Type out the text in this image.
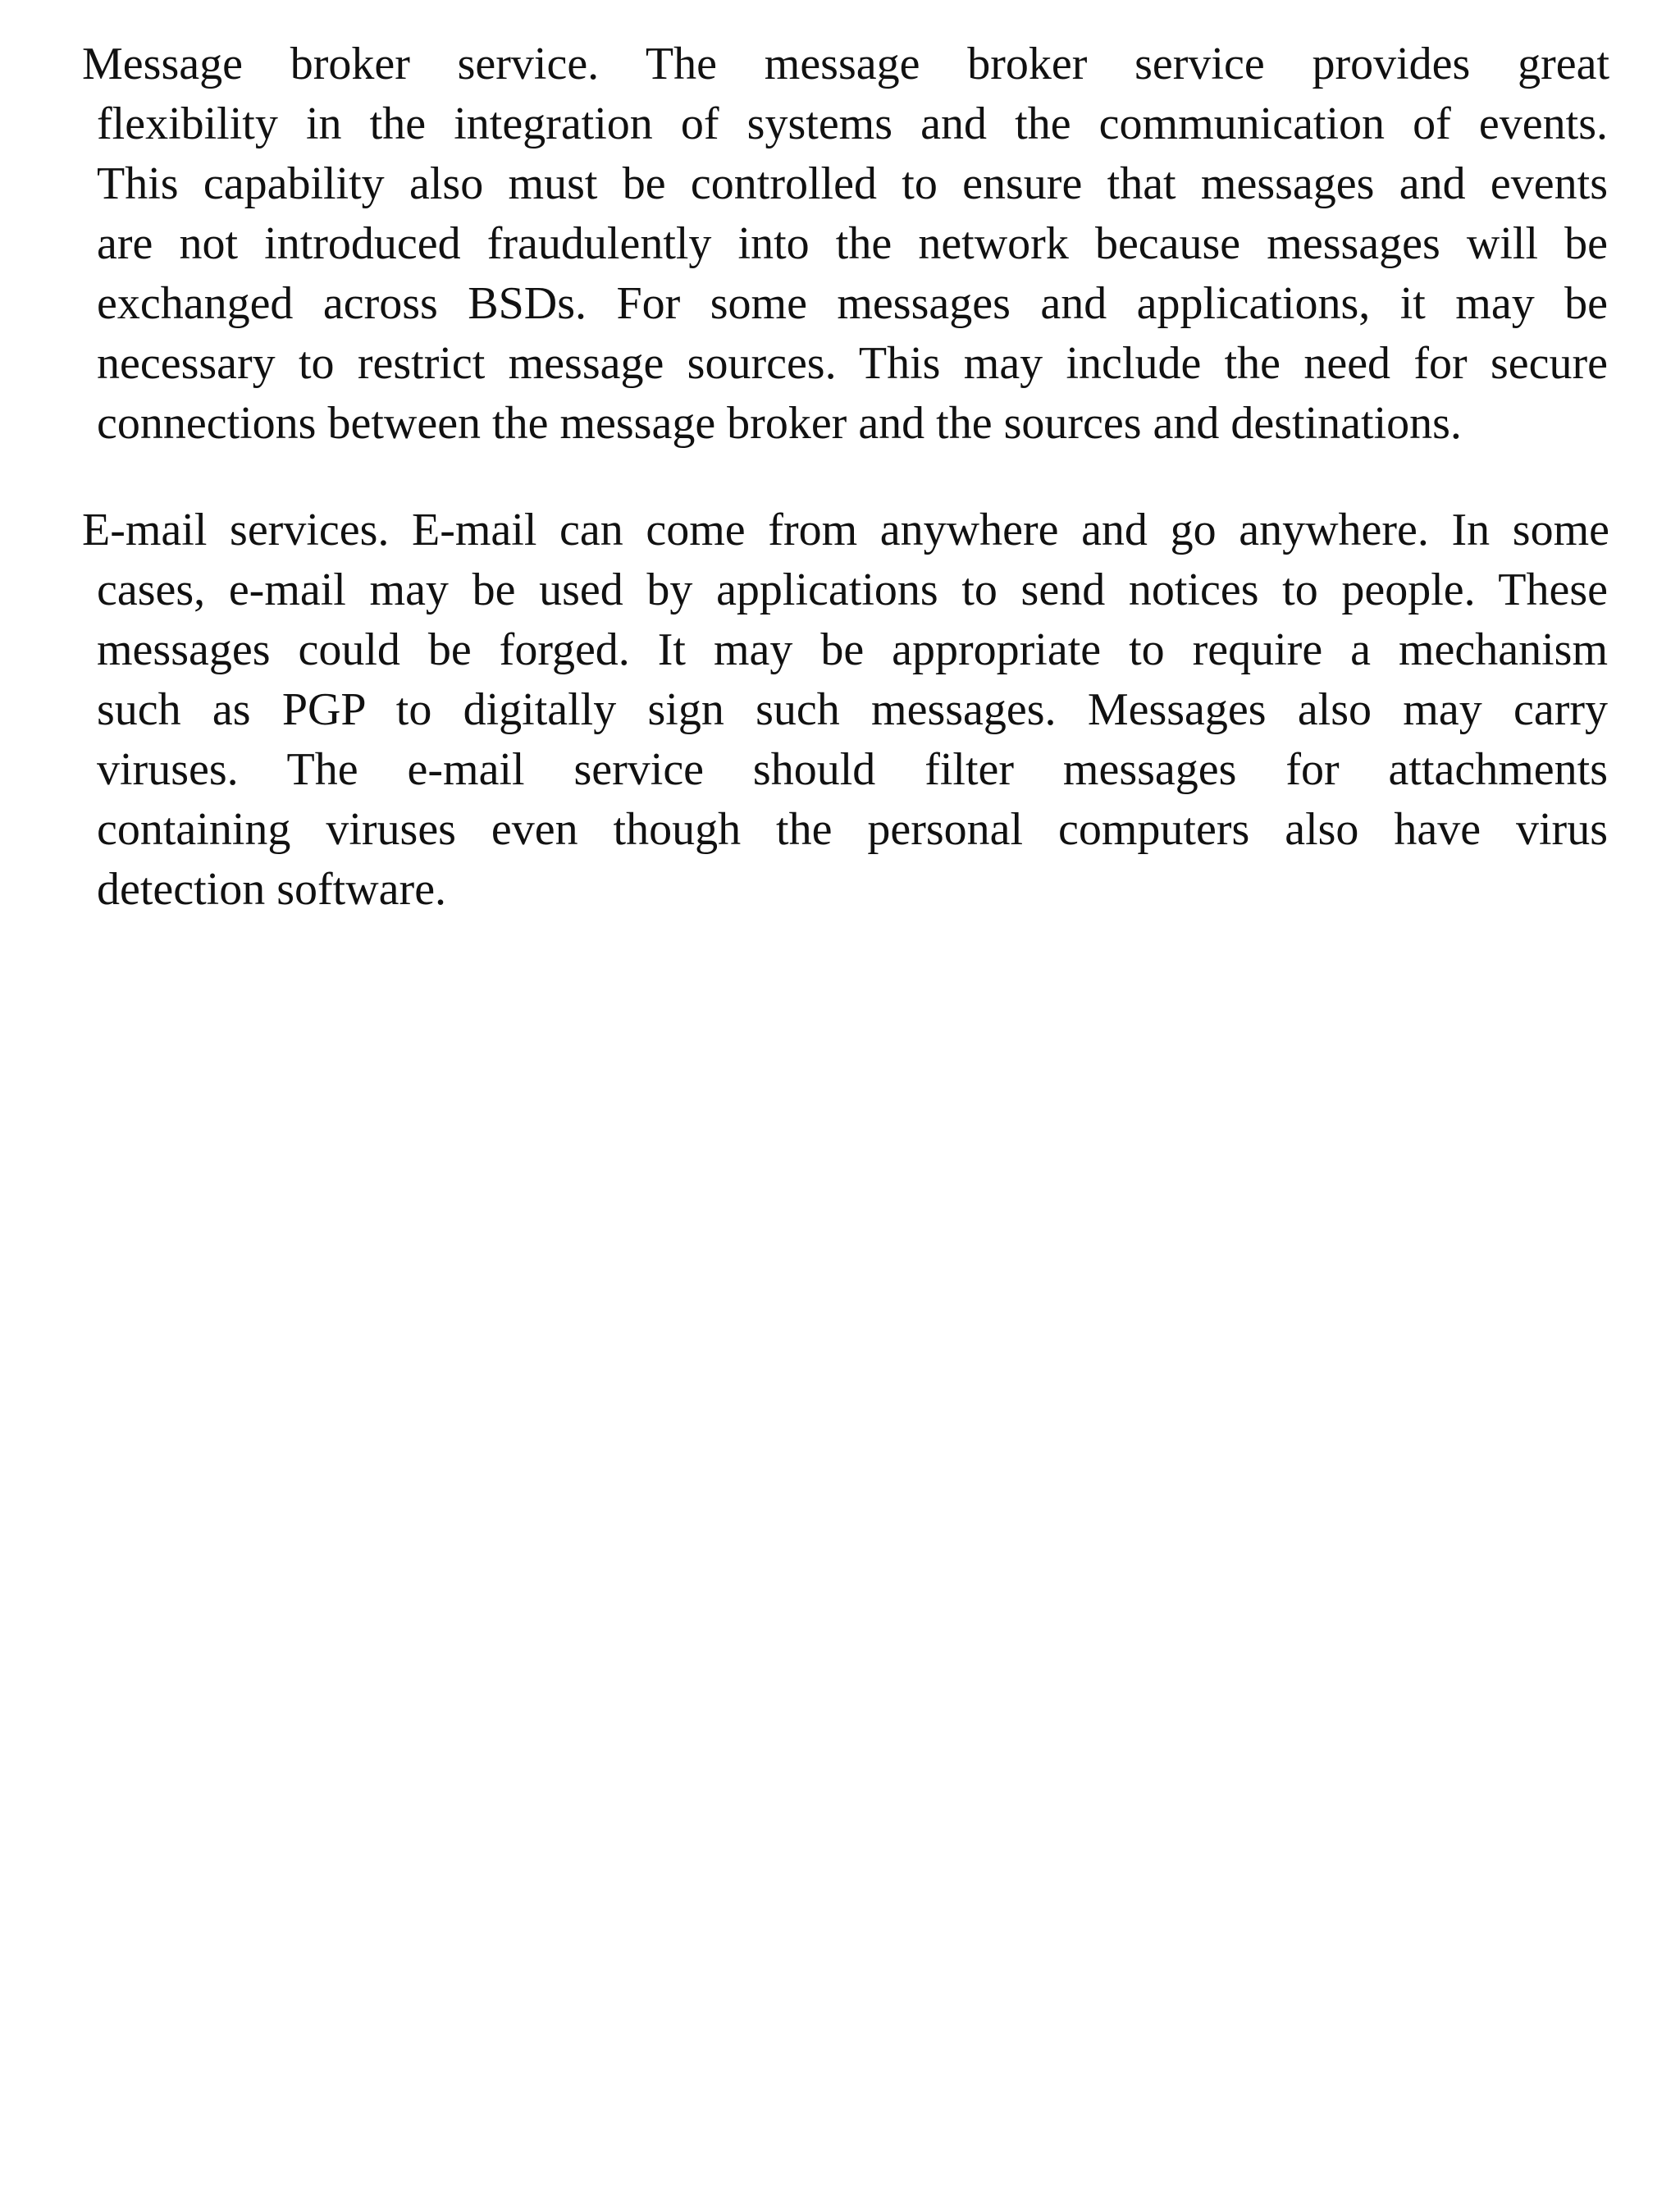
Message broker service. The message broker service provides great
flexibility in the integration of systems and the communication of events.
This capability also must be controlled to ensure that messages and events
are not introduced fraudulently into the network because messages will be
exchanged across BSDs. For some messages and applications, it may be
necessary to restrict message sources. This may include the need for secure
connections between the message broker and the sources and destinations.

E-mail services. E-mail can come from anywhere and go anywhere. In some
cases, e-mail may be used by applications to send notices to people. These
messages could be forged. It may be appropriate to require a mechanism
such as PGP to digitally sign such messages. Messages also may carry
viruses. The e-mail service should filter messages for attachments
containing viruses even though the personal computers also have virus
detection software.
